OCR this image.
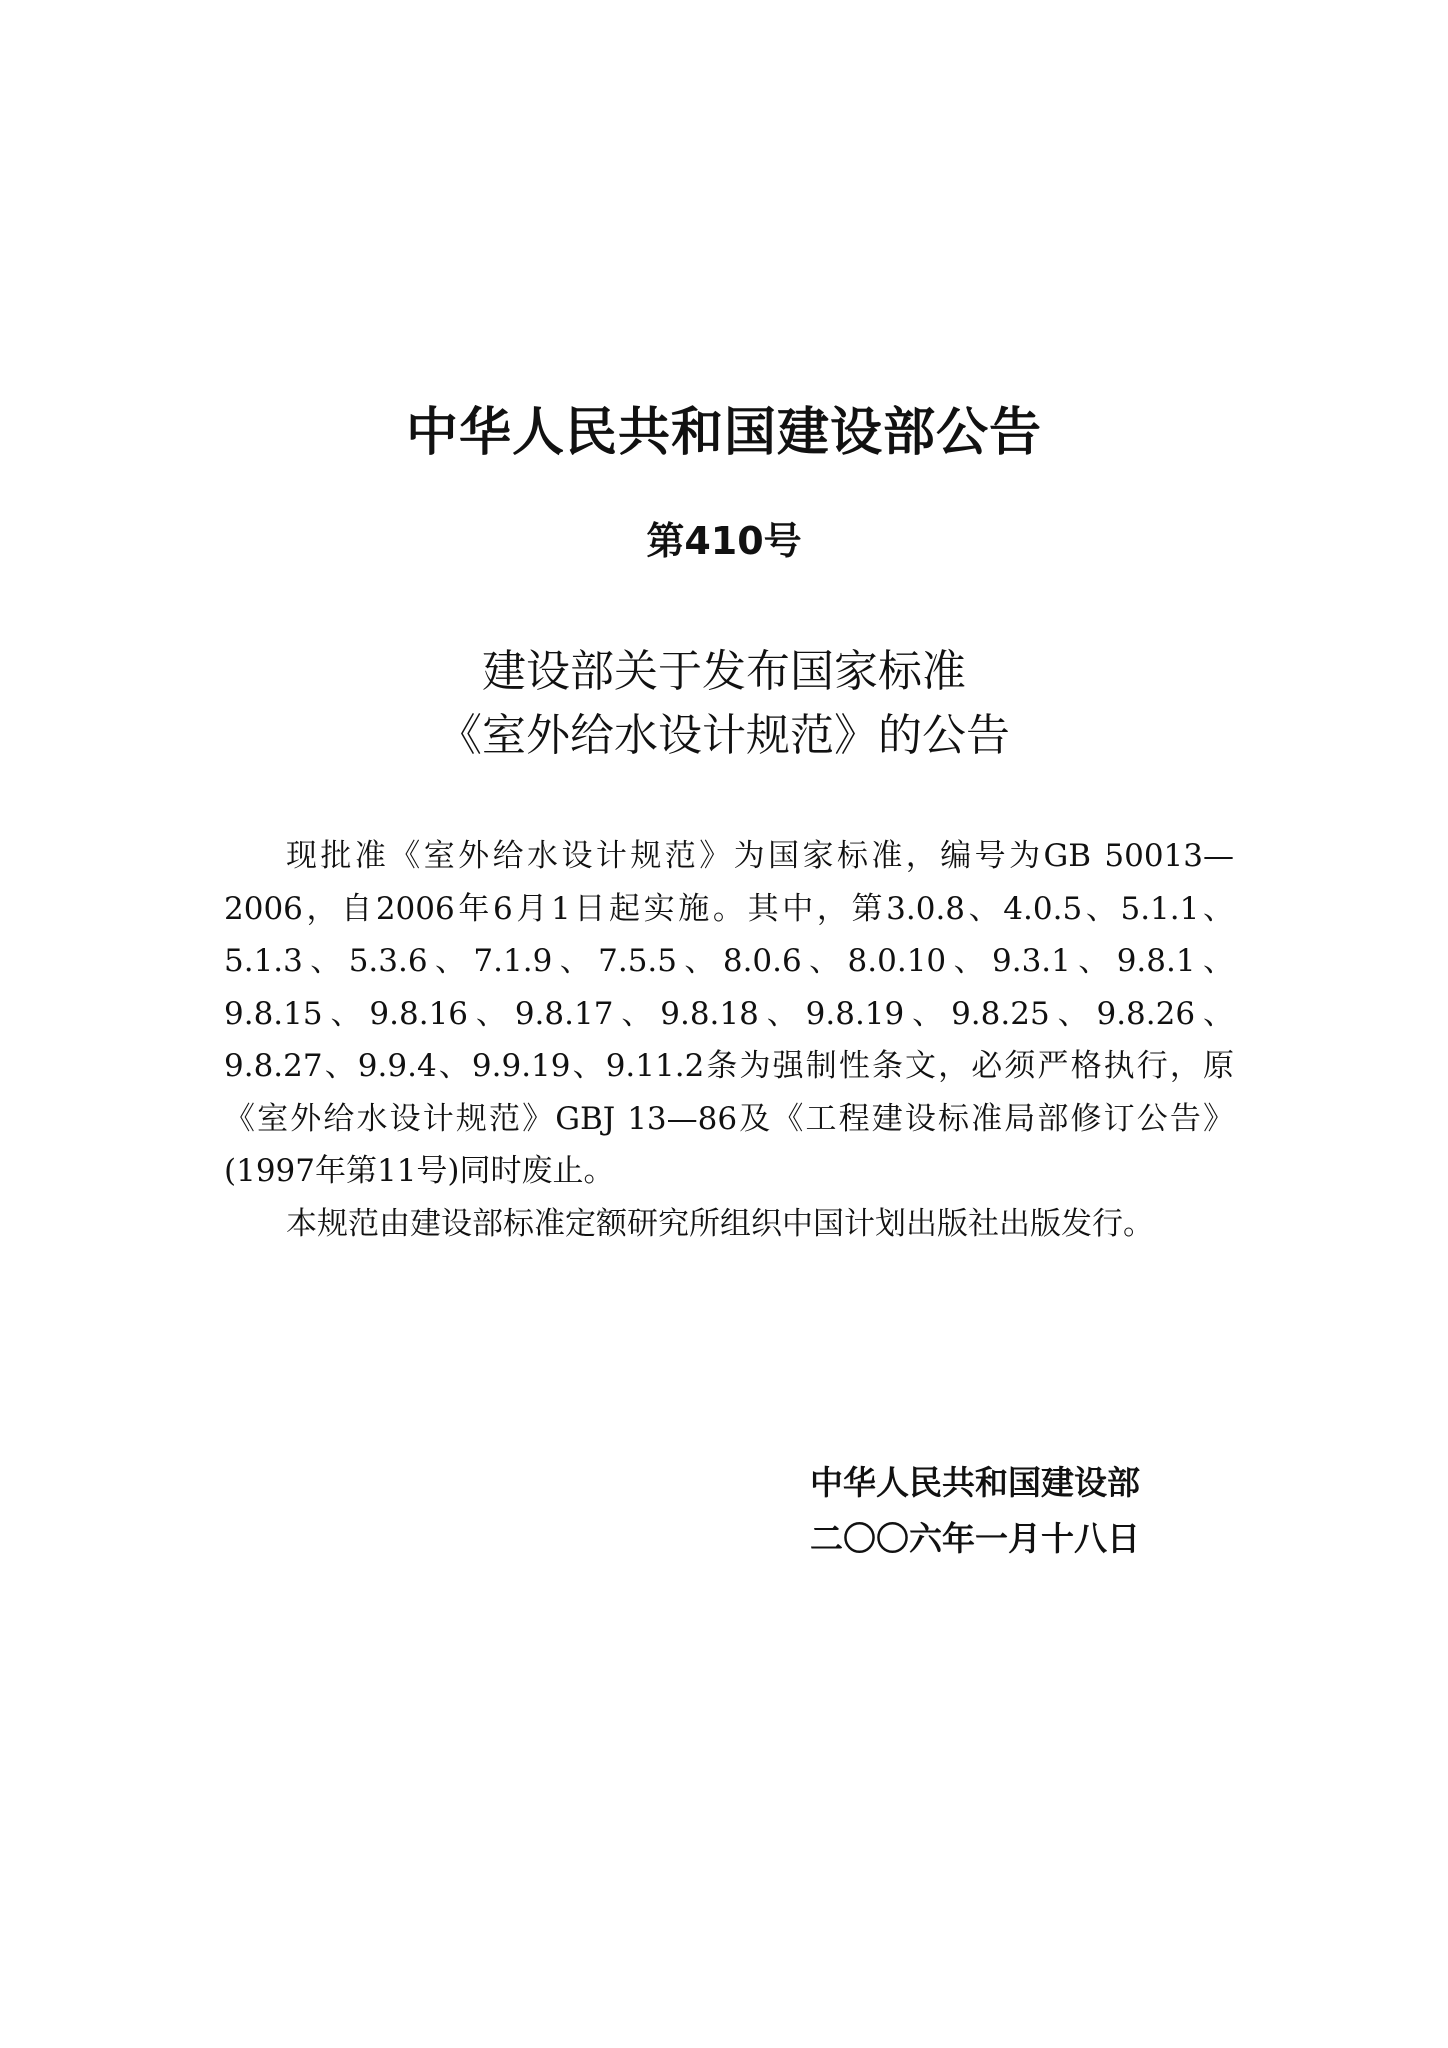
中华人民共和国建设部公告
第410号
建设部关于发布国家标准
《室外给水设计规范》的公告

现批准《室外给水设计规范》为国家标准，编号为GB 50013—2006，自2006年6月1日起实施。其中，第3.0.8、4.0.5、5.1.1、5.1.3、5.3.6、7.1.9、7.5.5、8.0.6、8.0.10、9.3.1、9.8.1、9.8.15、9.8.16、9.8.17、9.8.18、9.8.19、9.8.25、9.8.26、9.8.27、9.9.4、9.9.19、9.11.2条为强制性条文，必须严格执行，原《室外给水设计规范》GBJ 13—86及《工程建设标准局部修订公告》(1997年第11号)同时废止。

本规范由建设部标准定额研究所组织中国计划出版社出版发行。

中华人民共和国建设部
二〇〇六年一月十八日
